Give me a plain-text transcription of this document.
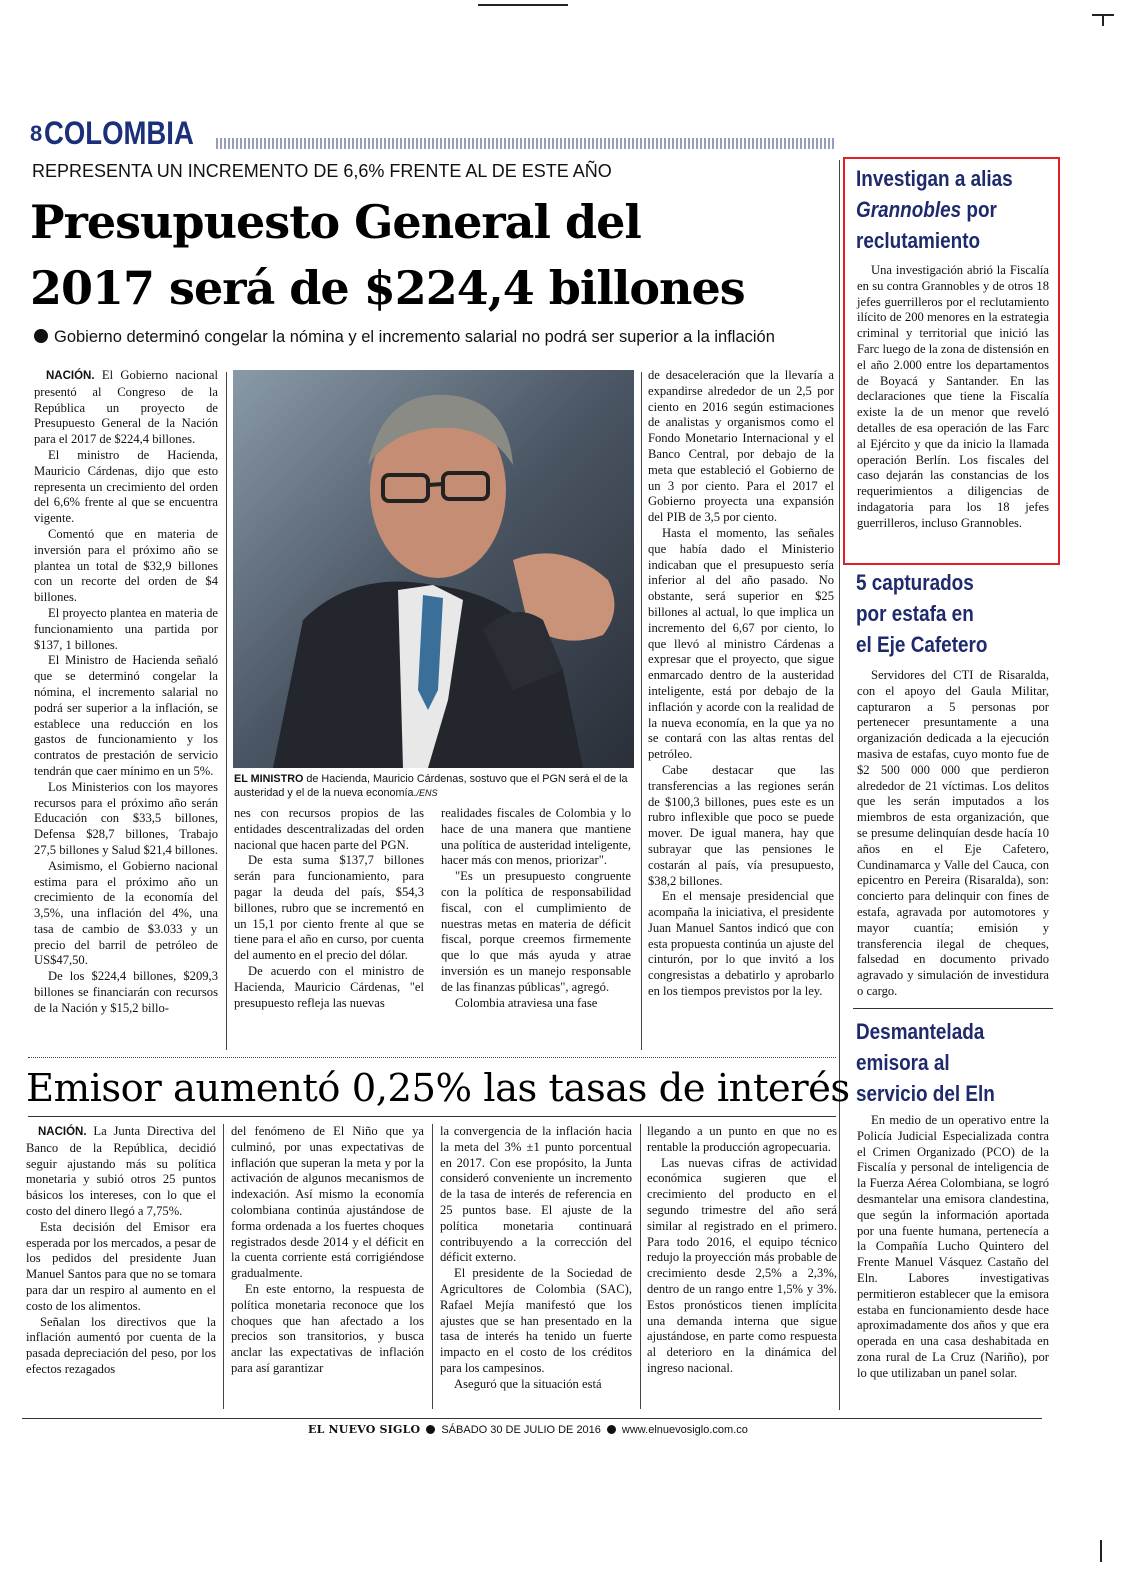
8 COLOMBIA
REPRESENTA UN INCREMENTO DE 6,6% FRENTE AL DE ESTE AÑO
Presupuesto General del
2017 será de $224,4 billones
Gobierno determinó congelar la nómina y el incremento salarial no podrá ser superior a la inflación

NACIÓN. El Gobierno nacional presentó al Congreso de la República un proyecto de Presupuesto General de la Nación para el 2017 de $224,4 billones.

El ministro de Hacienda, Mauricio Cárdenas, dijo que esto representa un crecimiento del orden del 6,6% frente al que se encuentra vigente.

Comentó que en materia de inversión para el próximo año se plantea un total de $32,9 billones con un recorte del orden de $4 billones.

El proyecto plantea en materia de funcionamiento una partida por $137, 1 billones.

El Ministro de Hacienda señaló que se determinó congelar la nómina, el incremento salarial no podrá ser superior a la inflación, se establece una reducción en los gastos de funcionamiento y los contratos de prestación de servicio tendrán que caer mínimo en un 5%.

Los Ministerios con los mayores recursos para el próximo año serán Educación con $33,5 billones, Defensa $28,7 billones, Trabajo 27,5 billones y Salud $21,4 billones.

Asimismo, el Gobierno nacional estima para el próximo año un crecimiento de la economía del 3,5%, una inflación del 4%, una tasa de cambio de $3.033 y un precio del barril de petróleo de US$47,50.

De los $224,4 billones, $209,3 billones se financiarán con recursos de la Nación y $15,2 billo-

EL MINISTRO de Hacienda, Mauricio Cárdenas, sostuvo que el PGN será el de la austeridad y el de la nueva economía./ENS

nes con recursos propios de las entidades descentralizadas del orden nacional que hacen parte del PGN.

De esta suma $137,7 billones serán para funcionamiento, para pagar la deuda del país, $54,3 billones, rubro que se incrementó en un 15,1 por ciento frente al que se tiene para el año en curso, por cuenta del aumento en el precio del dólar.

De acuerdo con el ministro de Hacienda, Mauricio Cárdenas, "el presupuesto refleja las nuevas

realidades fiscales de Colombia y lo hace de una manera que mantiene una política de austeridad inteligente, hacer más con menos, priorizar".

"Es un presupuesto congruente con la política de responsabilidad fiscal, con el cumplimiento de nuestras metas en materia de déficit fiscal, porque creemos firmemente que lo que más ayuda y atrae inversión es un manejo responsable de las finanzas públicas", agregó.

Colombia atraviesa una fase

de desaceleración que la llevaría a expandirse alrededor de un 2,5 por ciento en 2016 según estimaciones de analistas y organismos como el Fondo Monetario Internacional y el Banco Central, por debajo de la meta que estableció el Gobierno de un 3 por ciento. Para el 2017 el Gobierno proyecta una expansión del PIB de 3,5 por ciento.

Hasta el momento, las señales que había dado el Ministerio indicaban que el presupuesto sería inferior al del año pasado. No obstante, será superior en $25 billones al actual, lo que implica un incremento del 6,67 por ciento, lo que llevó al ministro Cárdenas a expresar que el proyecto, que sigue enmarcado dentro de la austeridad inteligente, está por debajo de la inflación y acorde con la realidad de la nueva economía, en la que ya no se contará con las altas rentas del petróleo.

Cabe destacar que las transferencias a las regiones serán de $100,3 billones, pues este es un rubro inflexible que poco se puede mover. De igual manera, hay que subrayar que las pensiones le costarán al país, vía presupuesto, $38,2 billones.

En el mensaje presidencial que acompaña la iniciativa, el presidente Juan Manuel Santos indicó que con esta propuesta continúa un ajuste del cinturón, por lo que invitó a los congresistas a debatirlo y aprobarlo en los tiempos previstos por la ley.

Emisor aumentó 0,25% las tasas de interés

NACIÓN. La Junta Directiva del Banco de la República, decidió seguir ajustando más su política monetaria y subió otros 25 puntos básicos los intereses, con lo que el costo del dinero llegó a 7,75%.

Esta decisión del Emisor era esperada por los mercados, a pesar de los pedidos del presidente Juan Manuel Santos para que no se tomara para dar un respiro al aumento en el costo de los alimentos.

Señalan los directivos que la inflación aumentó por cuenta de la pasada depreciación del peso, por los efectos rezagados

del fenómeno de El Niño que ya culminó, por unas expectativas de inflación que superan la meta y por la activación de algunos mecanismos de indexación. Así mismo la economía colombiana continúa ajustándose de forma ordenada a los fuertes choques registrados desde 2014 y el déficit en la cuenta corriente está corrigiéndose gradualmente.

En este entorno, la respuesta de política monetaria reconoce que los choques que han afectado a los precios son transitorios, y busca anclar las expectativas de inflación para así garantizar

la convergencia de la inflación hacia la meta del 3% ±1 punto porcentual en 2017. Con ese propósito, la Junta consideró conveniente un incremento de la tasa de interés de referencia en 25 puntos base. El ajuste de la política monetaria continuará contribuyendo a la corrección del déficit externo.

El presidente de la Sociedad de Agricultores de Colombia (SAC), Rafael Mejía manifestó que los ajustes que se han presentado en la tasa de interés ha tenido un fuerte impacto en el costo de los créditos para los campesinos.

Aseguró que la situación está

llegando a un punto en que no es rentable la producción agropecuaria.

Las nuevas cifras de actividad económica sugieren que el crecimiento del producto en el segundo trimestre del año será similar al registrado en el primero. Para todo 2016, el equipo técnico redujo la proyección más probable de crecimiento desde 2,5% a 2,3%, dentro de un rango entre 1,5% y 3%. Estos pronósticos tienen implícita una demanda interna que sigue ajustándose, en parte como respuesta al deterioro en la dinámica del ingreso nacional.

Investigan a alias
Grannobles por
reclutamiento

Una investigación abrió la Fiscalía en su contra Grannobles y de otros 18 jefes guerrilleros por el reclutamiento ilícito de 200 menores en la estrategia criminal y territorial que inició las Farc luego de la zona de distensión en el año 2.000 entre los departamentos de Boyacá y Santander. En las declaraciones que tiene la Fiscalía existe la de un menor que reveló detalles de esa operación de las Farc al Ejército y que da inicio la llamada operación Berlín. Los fiscales del caso dejarán las constancias de los requerimientos a diligencias de indagatoria para los 18 jefes guerrilleros, incluso Grannobles.

5 capturados
por estafa en
el Eje Cafetero

Servidores del CTI de Risaralda, con el apoyo del Gaula Militar, capturaron a 5 personas por pertenecer presuntamente a una organización dedicada a la ejecución masiva de estafas, cuyo monto fue de $2 500 000 000 que perdieron alrededor de 21 víctimas. Los delitos que les serán imputados a los miembros de esta organización, que se presume delinquían desde hacía 10 años en el Eje Cafetero, Cundinamarca y Valle del Cauca, con epicentro en Pereira (Risaralda), son: concierto para delinquir con fines de estafa, agravada por automotores y mayor cuantía; emisión y transferencia ilegal de cheques, falsedad en documento privado agravado y simulación de investidura o cargo.

Desmantelada
emisora al
servicio del Eln

En medio de un operativo entre la Policía Judicial Especializada contra el Crimen Organizado (PCO) de la Fiscalía y personal de inteligencia de la Fuerza Aérea Colombiana, se logró desmantelar una emisora clandestina, que según la información aportada por una fuente humana, pertenecía a la Compañía Lucho Quintero del Frente Manuel Vásquez Castaño del Eln. Labores investigativas permitieron establecer que la emisora estaba en funcionamiento desde hace aproximadamente dos años y que era operada en una casa deshabitada en zona rural de La Cruz (Nariño), por lo que utilizaban un panel solar.

EL NUEVO SIGLO SÁBADO 30 DE JULIO DE 2016 www.elnuevosiglo.com.co
